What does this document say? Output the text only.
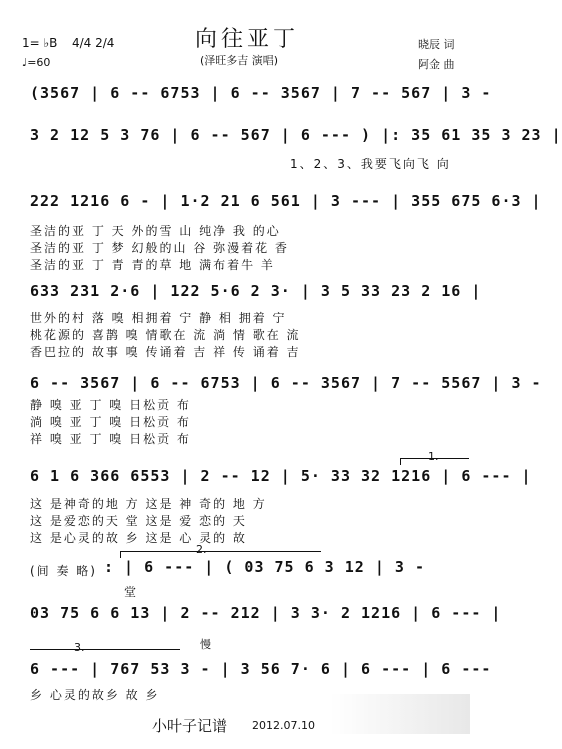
1= ♭B 4/4 2/4
♩=60
向往亚丁
(泽旺多吉 演唱)
晓辰 词
阿金 曲
(3567 | 6 -- 6753 | 6 -- 3567 | 7 -- 567 | 3 -
3 2 12 5 3 76 | 6 -- 567 | 6 --- ) |: 35 61 35 3 23 |
1、2、3、我要飞向飞 向
222 1216 6 - | 1·2 21 6 561 | 3 --- | 355 675 6·3 |
圣洁的亚 丁 天 外的雪 山 纯净 我 的心
圣洁的亚 丁 梦 幻般的山 谷 弥漫着花 香
圣洁的亚 丁 青 青的草 地 满布着牛 羊
633 231 2·6 | 122 5·6 2 3· | 3 5 33 23 2 16 |
世外的村 落 嗅 相拥着 宁 静 相 拥着 宁
桃花源的 喜鹊 嗅 情歌在 流 淌 情 歌在 流
香巴拉的 故事 嗅 传诵着 吉 祥 传 诵着 吉
6 -- 3567 | 6 -- 6753 | 6 -- 3567 | 7 -- 5567 | 3 -
静 嗅 亚 丁 嗅 日松贡 布
淌 嗅 亚 丁 嗅 日松贡 布
祥 嗅 亚 丁 嗅 日松贡 布
1.
6 1 6 366 6553 | 2 -- 12 | 5· 33 32 1216 | 6 --- |
这 是神奇的地 方 这是 神 奇的 地 方
这 是爱恋的天 堂 这是 爱 恋的 天
这 是心灵的故 乡 这是 心 灵的 故
2.
(间 奏 略) : | 6 --- | ( 03 75 6 3 12 | 3 -
堂
03 75 6 6 13 | 2 -- 212 | 3 3· 2 1216 | 6 --- |
3.	慢
6 --- | 767 53 3 - | 3 56 7· 6 | 6 --- | 6 ---
乡 心灵的故乡 故 乡
小叶子记谱 2012.07.10
